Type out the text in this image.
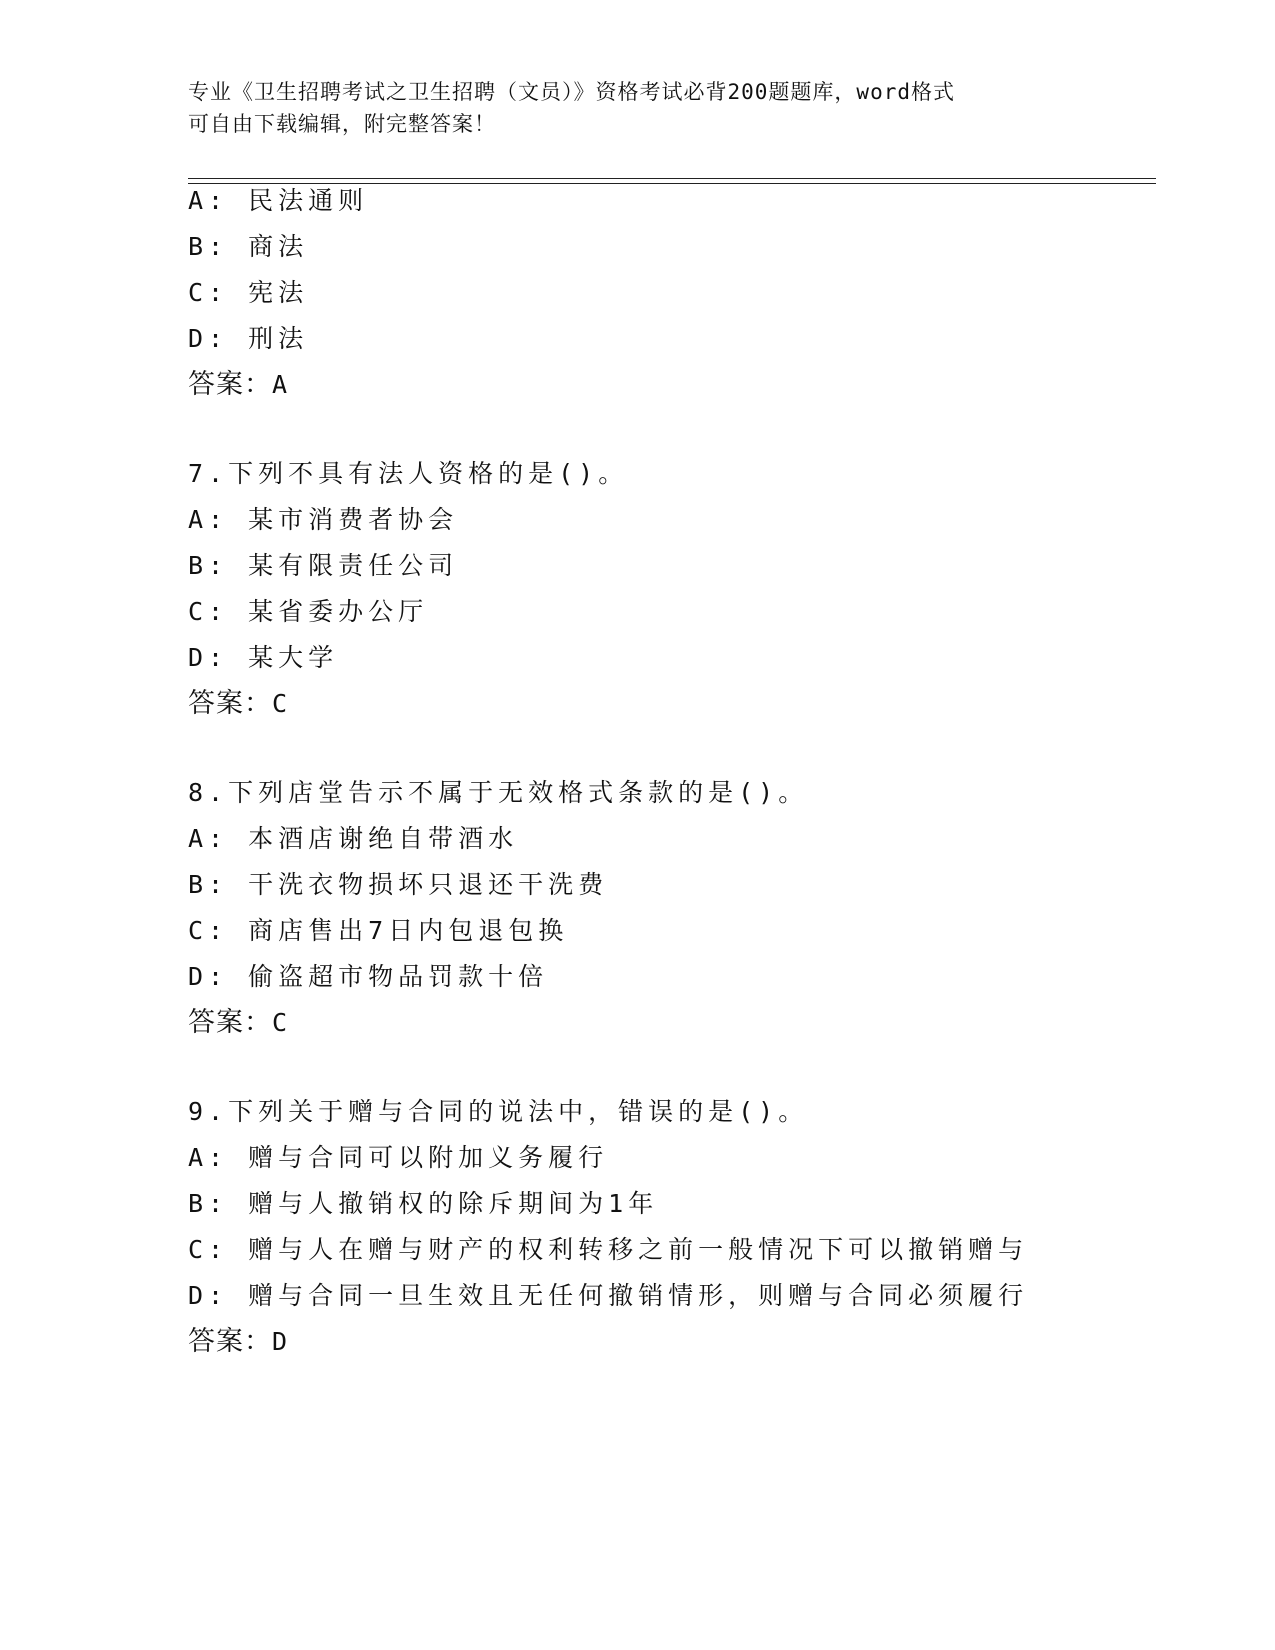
专业《卫生招聘考试之卫生招聘（文员）》资格考试必背200题题库，word格式
可自由下载编辑，附完整答案！
A: 民法通则
B: 商法
C: 宪法
D: 刑法
答案：A
7.下列不具有法人资格的是()。
A: 某市消费者协会
B: 某有限责任公司
C: 某省委办公厅
D: 某大学
答案：C
8.下列店堂告示不属于无效格式条款的是()。
A: 本酒店谢绝自带酒水
B: 干洗衣物损坏只退还干洗费
C: 商店售出7日内包退包换
D: 偷盗超市物品罚款十倍
答案：C
9.下列关于赠与合同的说法中，错误的是()。
A: 赠与合同可以附加义务履行
B: 赠与人撤销权的除斥期间为1年
C: 赠与人在赠与财产的权利转移之前一般情况下可以撤销赠与
D: 赠与合同一旦生效且无任何撤销情形，则赠与合同必须履行
答案：D
